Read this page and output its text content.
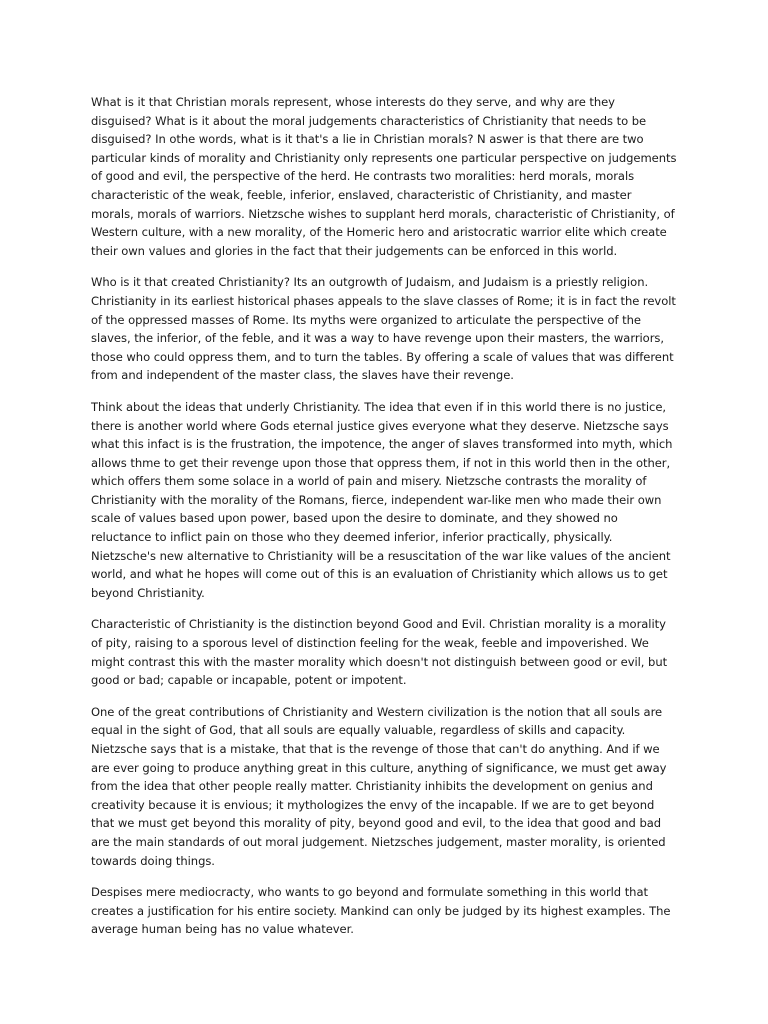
What is it that Christian morals represent, whose interests do they serve, and why are they disguised? What is it about the moral judgements characteristics of Christianity that needs to be disguised? In othe words, what is it that's a lie in Christian morals? N aswer is that there are two particular kinds of morality and Christianity only represents one particular perspective on judgements of good and evil, the perspective of the herd. He contrasts two moralities: herd morals, morals characteristic of the weak, feeble, inferior, enslaved, characteristic of Christianity, and master morals, morals of warriors. Nietzsche wishes to supplant herd morals, characteristic of Christianity, of Western culture, with a new morality, of the Homeric hero and aristocratic warrior elite which create their own values and glories in the fact that their judgements can be enforced in this world.

Who is it that created Christianity? Its an outgrowth of Judaism, and Judaism is a priestly religion. Christianity in its earliest historical phases appeals to the slave classes of Rome; it is in fact the revolt of the oppressed masses of Rome. Its myths were organized to articulate the perspective of the slaves, the inferior, of the feble, and it was a way to have revenge upon their masters, the warriors, those who could oppress them, and to turn the tables. By offering a scale of values that was different from and independent of the master class, the slaves have their revenge.

Think about the ideas that underly Christianity. The idea that even if in this world there is no justice, there is another world where Gods eternal justice gives everyone what they deserve. Nietzsche says what this infact is is the frustration, the impotence, the anger of slaves transformed into myth, which allows thme to get their revenge upon those that oppress them, if not in this world then in the other, which offers them some solace in a world of pain and misery. Nietzsche contrasts the morality of Christianity with the morality of the Romans, fierce, independent war-like men who made their own scale of values based upon power, based upon the desire to dominate, and they showed no reluctance to inflict pain on those who they deemed inferior, inferior practically, physically. Nietzsche's new alternative to Christianity will be a resuscitation of the war like values of the ancient world, and what he hopes will come out of this is an evaluation of Christianity which allows us to get beyond Christianity.

Characteristic of Christianity is the distinction beyond Good and Evil. Christian morality is a morality of pity, raising to a sporous level of distinction feeling for the weak, feeble and impoverished. We might contrast this with the master morality which doesn't not distinguish between good or evil, but good or bad; capable or incapable, potent or impotent.

One of the great contributions of Christianity and Western civilization is the notion that all souls are equal in the sight of God, that all souls are equally valuable, regardless of skills and capacity. Nietzsche says that is a mistake, that that is the revenge of those that can't do anything. And if we are ever going to produce anything great in this culture, anything of significance, we must get away from the idea that other people really matter. Christianity inhibits the development on genius and creativity because it is envious; it mythologizes the envy of the incapable. If we are to get beyond that we must get beyond this morality of pity, beyond good and evil, to the idea that good and bad are the main standards of out moral judgement. Nietzsches judgement, master morality, is oriented towards doing things.

Despises mere mediocracty, who wants to go beyond and formulate something in this world that creates a justification for his entire society. Mankind can only be judged by its highest examples. The average human being has no value whatever.
